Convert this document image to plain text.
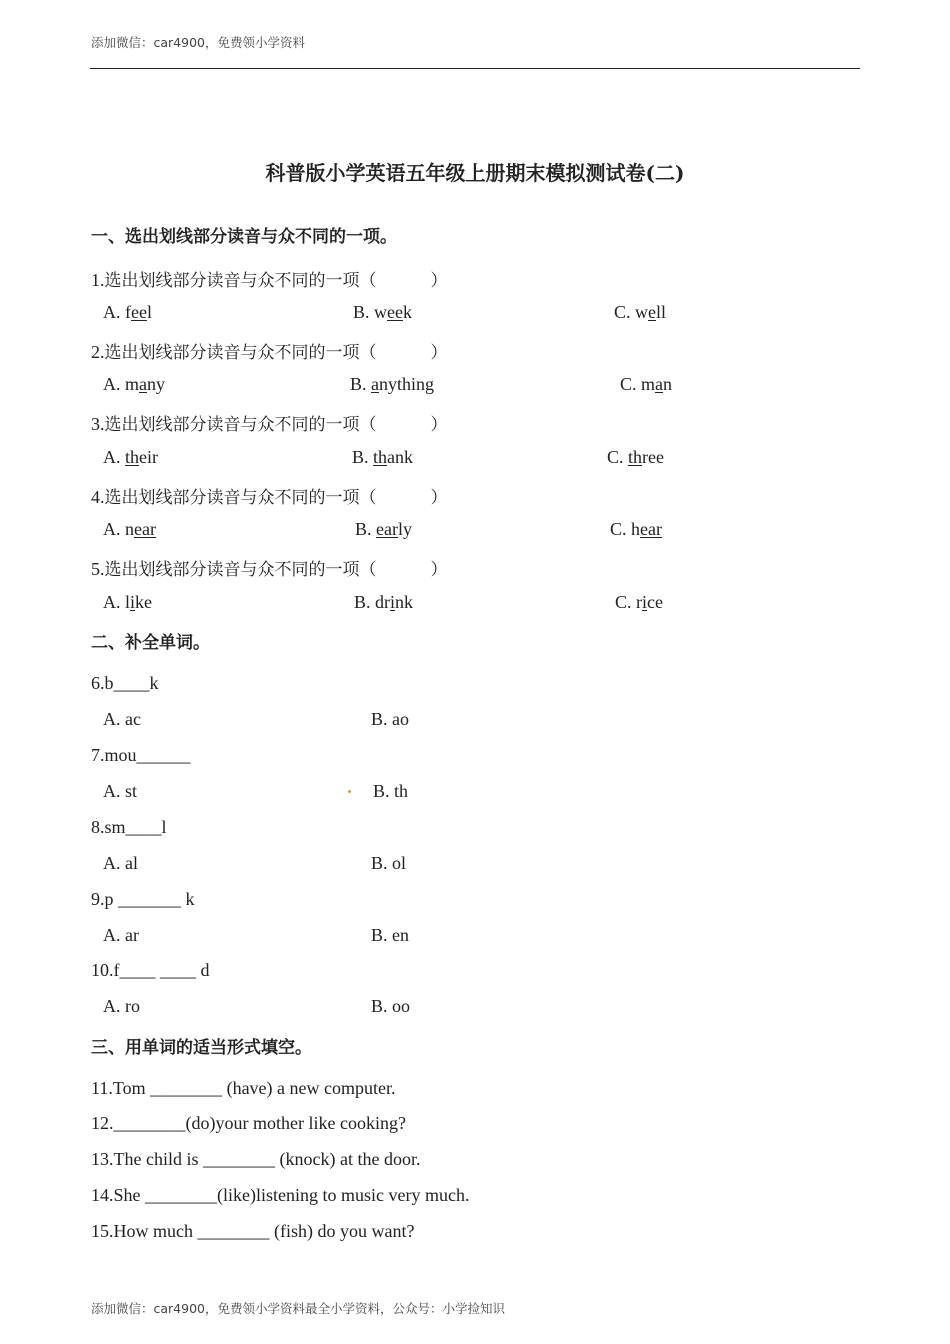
添加微信：car4900，免费领小学资料
科普版小学英语五年级上册期末模拟测试卷(二)
一、选出划线部分读音与众不同的一项。
1.选出划线部分读音与众不同的一项（          ）
A. feel	B. week	C. well
2.选出划线部分读音与众不同的一项（          ）
A. many	B. anything	C. man
3.选出划线部分读音与众不同的一项（          ）
A. their	B. thank	C. three
4.选出划线部分读音与众不同的一项（          ）
A. near	B. early	C. hear
5.选出划线部分读音与众不同的一项（          ）
A. like	B. drink	C. rice
二、补全单词。
6.b____k
A. ac	B. ao
7.mou______
A. st	B. th
8.sm____l
A. al	B. ol
9.p _______ k
A. ar	B. en
10.f____ ____ d
A. ro	B. oo
三、用单词的适当形式填空。
11.Tom ________ (have) a new computer.
12.________(do)your mother like cooking?
13.The child is ________ (knock) at the door.
14.She ________(like)listening to music very much.
15.How much ________ (fish) do you want?
添加微信：car4900，免费领小学资料最全小学资料，公众号：小学捡知识
